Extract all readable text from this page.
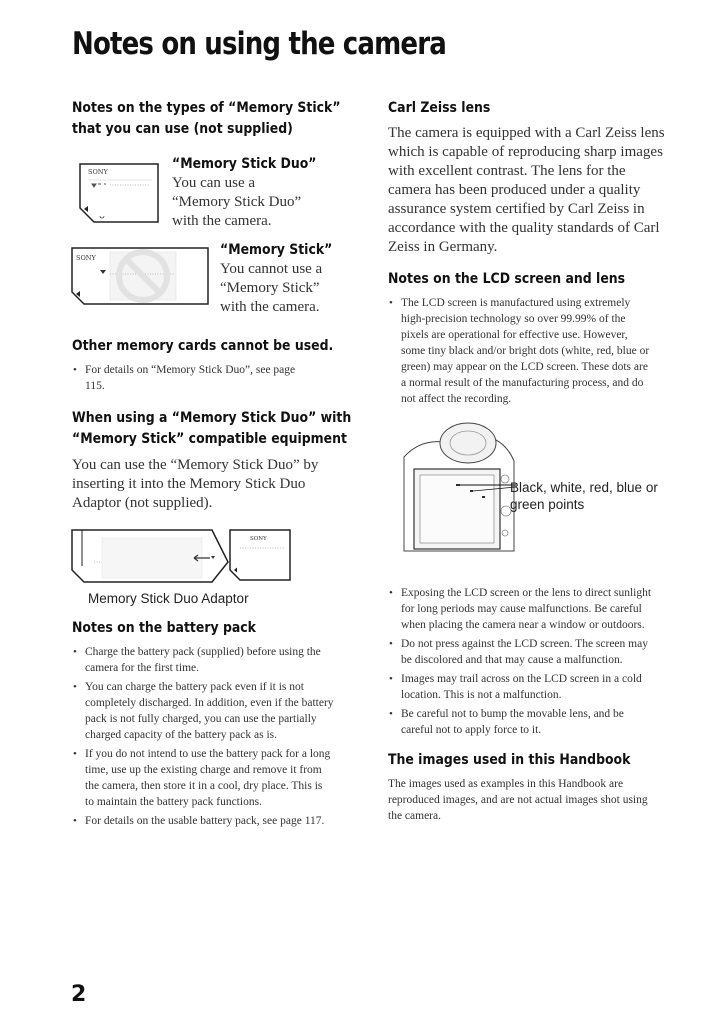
Notes on using the camera
Notes on the types of “Memory Stick” that you can use (not supplied)
SONY	“Memory Stick Duo”

You can use a “Memory Stick Duo” with the camera.

SONY	“Memory Stick”

You cannot use a “Memory Stick” with the camera.

Other memory cards cannot be used.
• For details on “Memory Stick Duo”, see page 115.
When using a “Memory Stick Duo” with “Memory Stick” compatible equipment

You can use the “Memory Stick Duo” by inserting it into the Memory Stick Duo Adaptor (not supplied).

SONY
Memory Stick Duo Adaptor
Notes on the battery pack
• Charge the battery pack (supplied) before using the camera for the first time.
• You can charge the battery pack even if it is not completely discharged. In addition, even if the battery pack is not fully charged, you can use the partially charged capacity of the battery pack as is.
• If you do not intend to use the battery pack for a long time, use up the existing charge and remove it from the camera, then store it in a cool, dry place. This is to maintain the battery pack functions.
• For details on the usable battery pack, see page 117.
Carl Zeiss lens

The camera is equipped with a Carl Zeiss lens which is capable of reproducing sharp images with excellent contrast. The lens for the camera has been produced under a quality assurance system certified by Carl Zeiss in accordance with the quality standards of Carl Zeiss in Germany.

Notes on the LCD screen and lens
• The LCD screen is manufactured using extremely high-precision technology so over 99.99% of the pixels are operational for effective use. However, some tiny black and/or bright dots (white, red, blue or green) may appear on the LCD screen. These dots are a normal result of the manufacturing process, and do not affect the recording.
Black, white, red, blue or green points
• Exposing the LCD screen or the lens to direct sunlight for long periods may cause malfunctions. Be careful when placing the camera near a window or outdoors.
• Do not press against the LCD screen. The screen may be discolored and that may cause a malfunction.
• Images may trail across on the LCD screen in a cold location. This is not a malfunction.
• Be careful not to bump the movable lens, and be careful not to apply force to it.
The images used in this Handbook

The images used as examples in this Handbook are reproduced images, and are not actual images shot using the camera.

2
